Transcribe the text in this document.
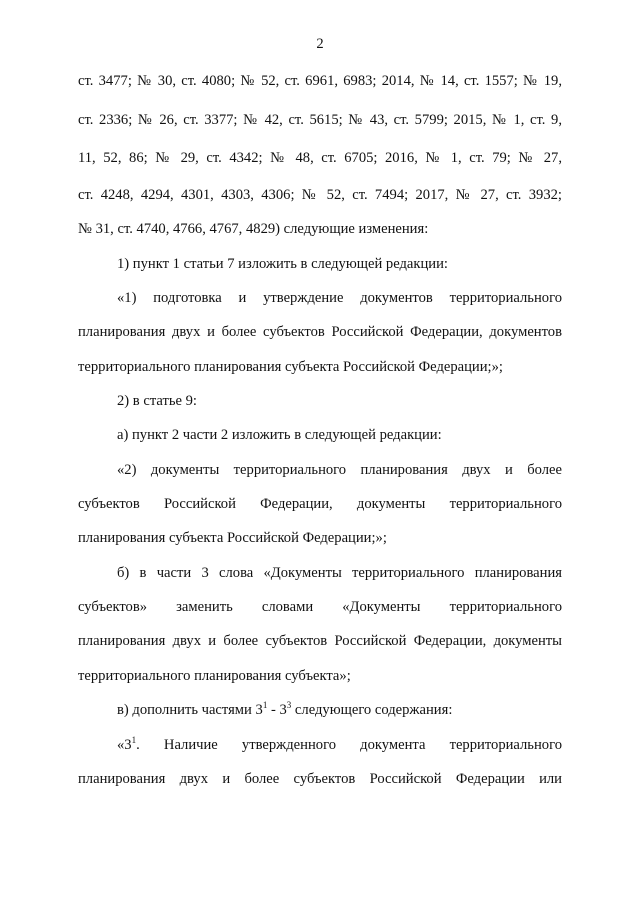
2
ст. 3477; № 30, ст. 4080; № 52, ст. 6961, 6983; 2014, № 14, ст. 1557; № 19,
ст. 2336; № 26, ст. 3377; № 42, ст. 5615; № 43, ст. 5799; 2015, № 1, ст. 9,
11, 52, 86; № 29, ст. 4342; № 48, ст. 6705; 2016, № 1, ст. 79; № 27,
ст. 4248, 4294, 4301, 4303, 4306; № 52, ст. 7494; 2017, № 27, ст. 3932;
№ 31, ст. 4740, 4766, 4767, 4829) следующие изменения:
1) пункт 1 статьи 7 изложить в следующей редакции:
«1) подготовка и утверждение документов территориального
планирования двух и более субъектов Российской Федерации, документов
территориального планирования субъекта Российской Федерации;»;
2) в статье 9:
а) пункт 2 части 2 изложить в следующей редакции:
«2) документы территориального планирования двух и более
субъектов Российской Федерации, документы территориального
планирования субъекта Российской Федерации;»;
б) в части 3 слова «Документы территориального планирования
субъектов» заменить словами «Документы территориального
планирования двух и более субъектов Российской Федерации, документы
территориального планирования субъекта»;
в) дополнить частями $3^1 - 3^3$ следующего содержания:
«$3^1$. Наличие утвержденного документа территориального
планирования двух и более субъектов Российской Федерации или
